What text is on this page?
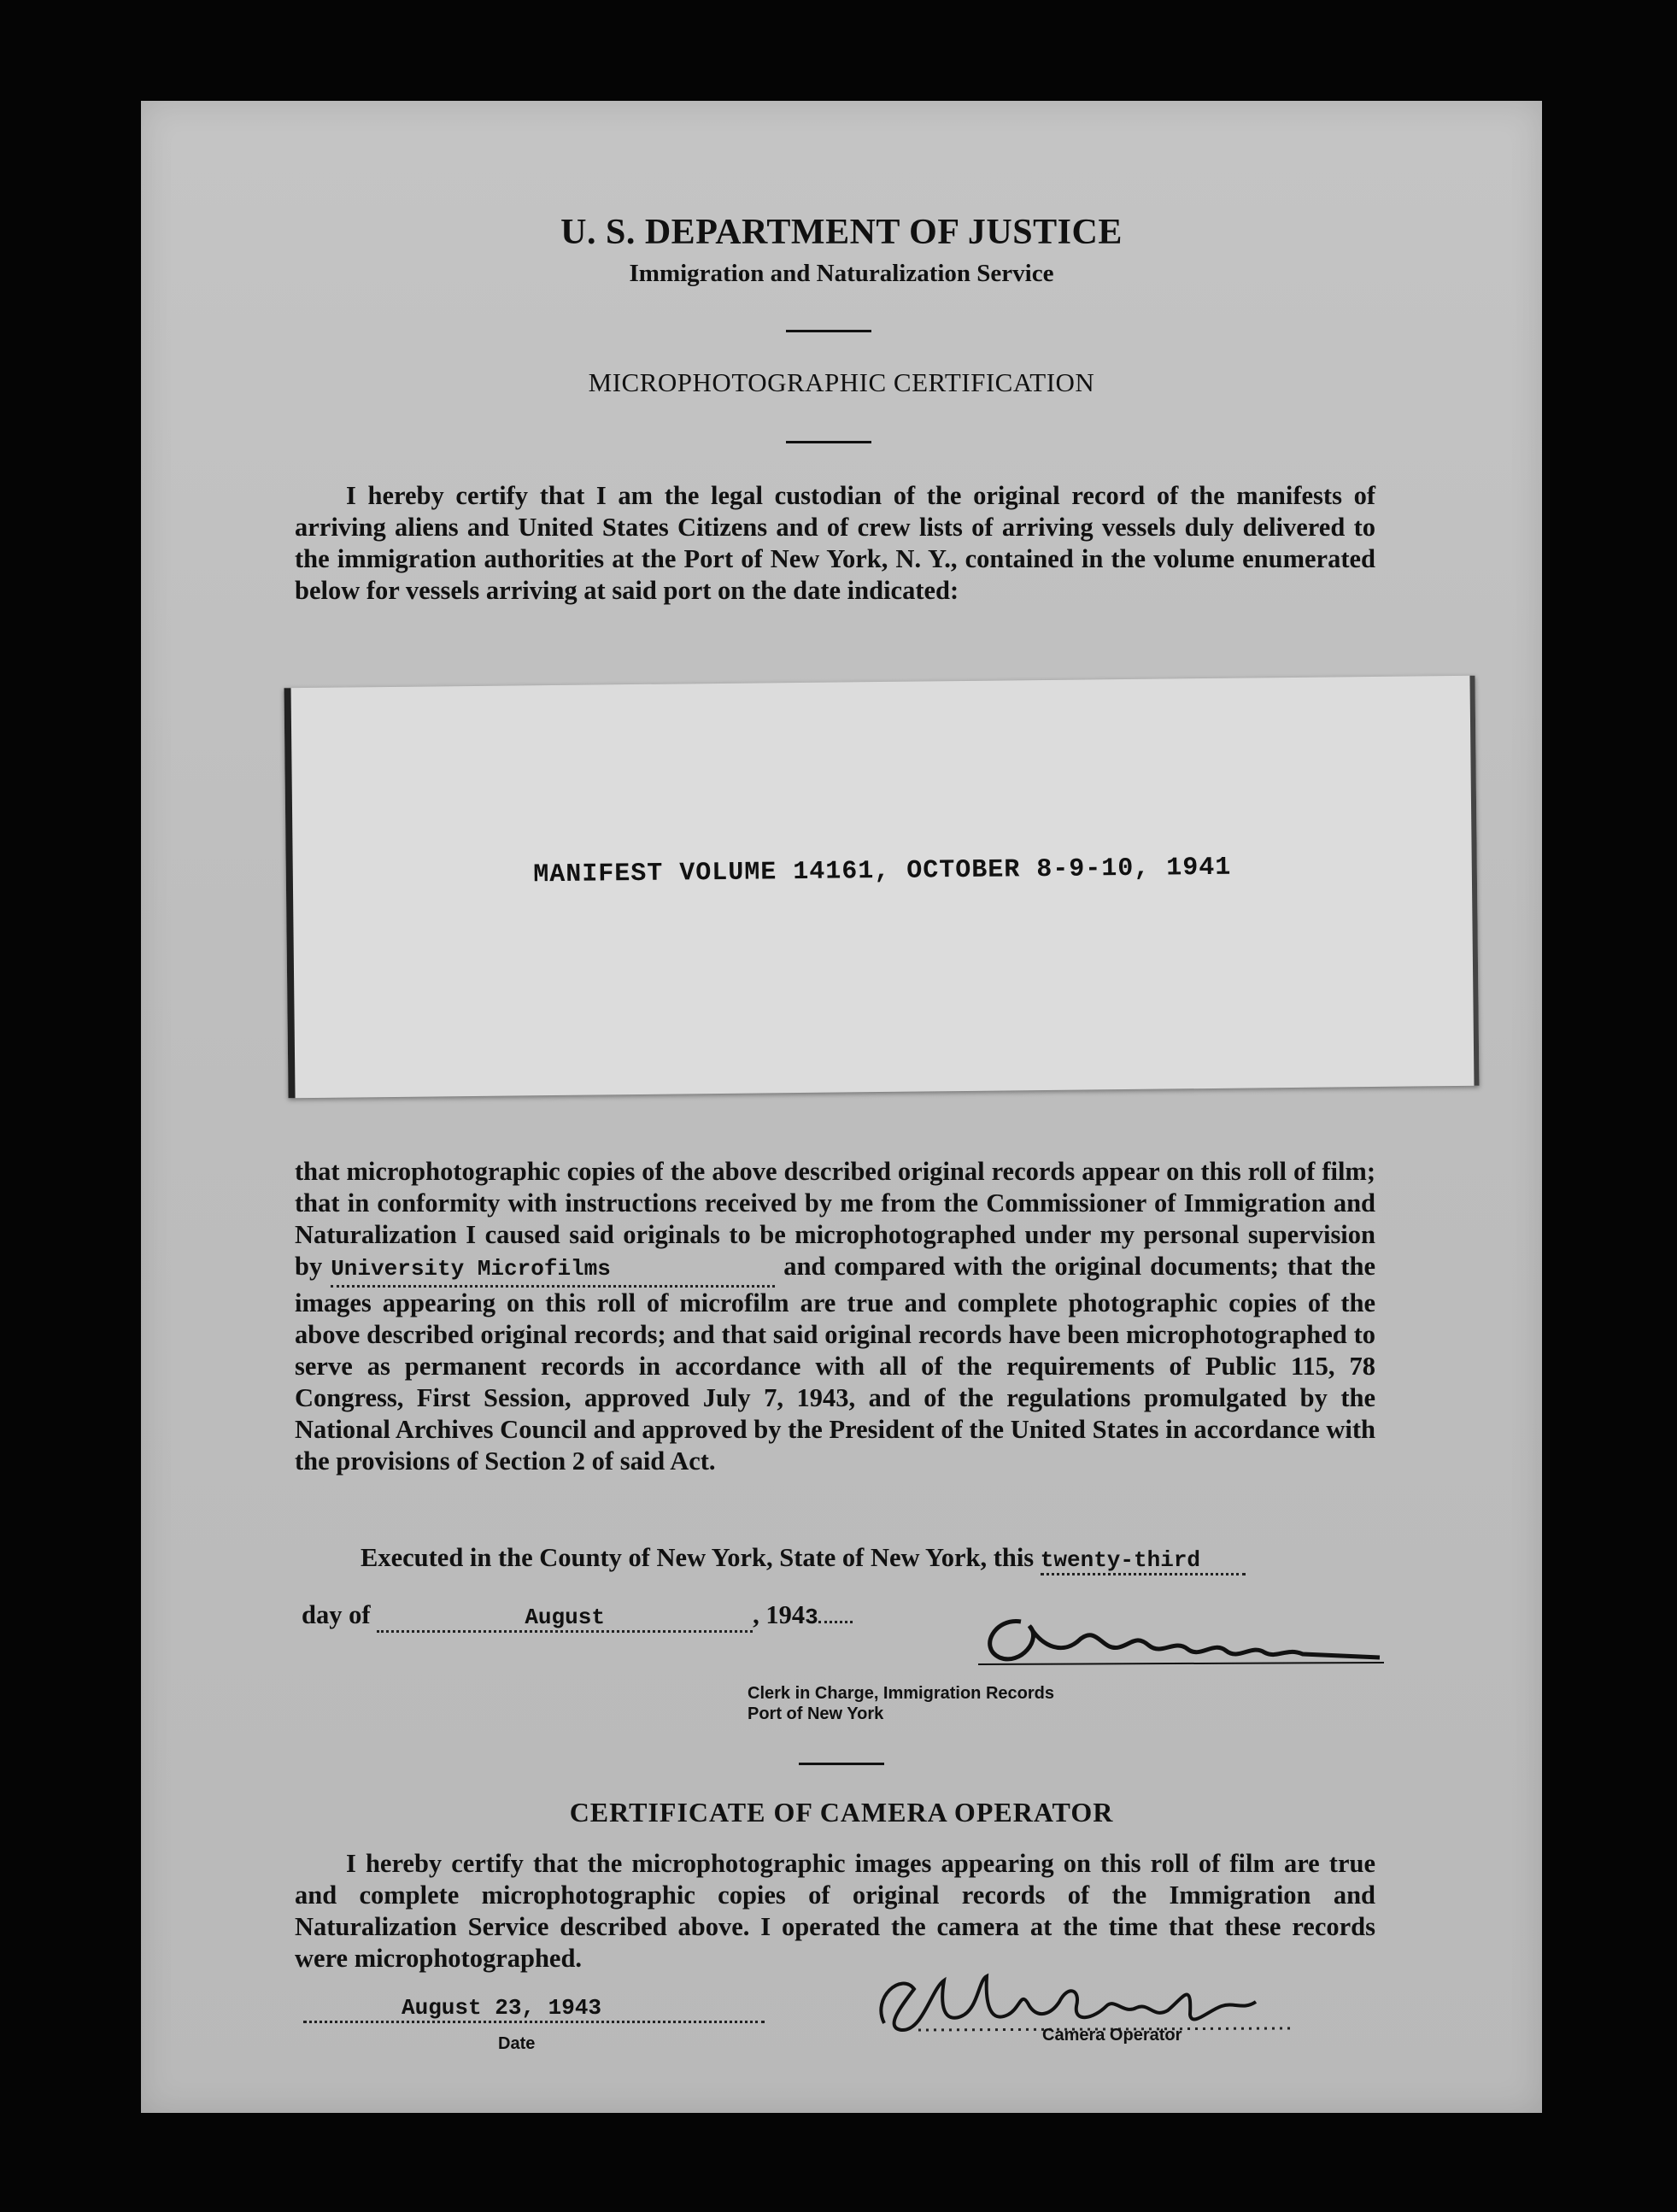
U. S. DEPARTMENT OF JUSTICE
Immigration and Naturalization Service
MICROPHOTOGRAPHIC CERTIFICATION
I hereby certify that I am the legal custodian of the original record of the manifests of arriving aliens and United States Citizens and of crew lists of arriving vessels duly delivered to the immigration authorities at the Port of New York, N. Y., contained in the volume enumerated below for vessels arriving at said port on the date indicated:
MANIFEST VOLUME 14161, OCTOBER 8-9-10, 1941
that microphotographic copies of the above described original records appear on this roll of film; that in conformity with instructions received by me from the Commissioner of Immigration and Naturalization I caused said originals to be microphotographed under my personal supervision by University Microfilms	and compared with the original documents; that the images appearing on this roll of microfilm are true and complete photographic copies of the above described original records; and that said original records have been microphotographed to serve as permanent records in accordance with all of the requirements of Public 115, 78 Congress, First Session, approved July 7, 1943, and of the regulations promulgated by the National Archives Council and approved by the President of the United States in accordance with the provisions of Section 2 of said Act.
Executed in the County of New York, State of New York, this twenty-third
day of	August	, 1943
Clerk in Charge, Immigration Records
Port of New York
CERTIFICATE OF CAMERA OPERATOR
I hereby certify that the microphotographic images appearing on this roll of film are true and complete microphotographic copies of original records of the Immigration and Naturalization Service described above. I operated the camera at the time that these records were microphotographed.
August 23, 1943
Date	Camera Operator
